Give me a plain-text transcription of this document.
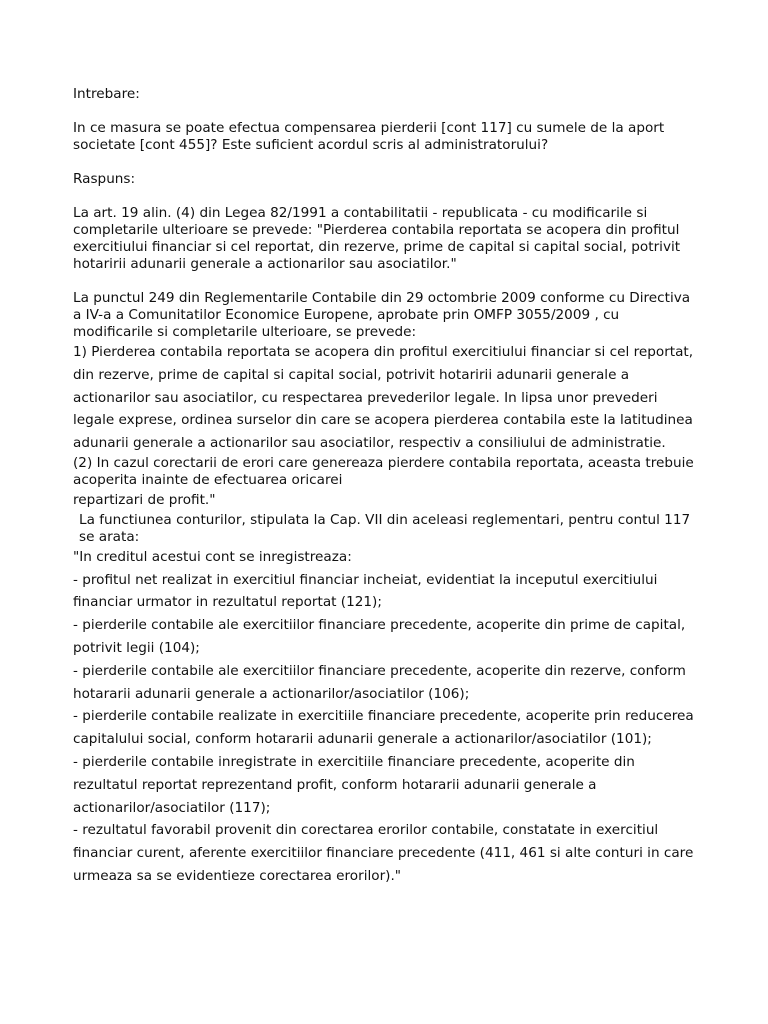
Intrebare:

In ce masura se poate efectua compensarea pierderii [cont 117] cu sumele de la aport societate [cont 455]? Este suficient acordul scris al administratorului?

Raspuns:

La art. 19 alin. (4) din Legea 82/1991 a contabilitatii - republicata - cu modificarile si completarile ulterioare se prevede: "Pierderea contabila reportata se acopera din profitul exercitiului financiar si cel reportat, din rezerve, prime de capital si capital social, potrivit hotaririi adunarii generale a actionarilor sau asociatilor."

La punctul 249 din Reglementarile Contabile din 29 octombrie 2009 conforme cu Directiva a IV-a a Comunitatilor Economice Europene, aprobate prin OMFP 3055/2009 , cu modificarile si completarile ulterioare, se prevede:

1) Pierderea contabila reportata se acopera din profitul exercitiului financiar si cel reportat, din rezerve, prime de capital si capital social, potrivit hotaririi adunarii generale a actionarilor sau asociatilor, cu respectarea prevederilor legale. In lipsa unor prevederi legale exprese, ordinea surselor din care se acopera pierderea contabila este la latitudinea adunarii generale a actionarilor sau asociatilor, respectiv a consiliului de administratie.

(2) In cazul corectarii de erori care genereaza pierdere contabila reportata, aceasta trebuie acoperita inainte de efectuarea oricarei

repartizari de profit."

La functiunea conturilor, stipulata la Cap. VII din aceleasi reglementari, pentru contul 117 se arata:

"In creditul acestui cont se inregistreaza:

- profitul net realizat in exercitiul financiar incheiat, evidentiat la inceputul exercitiului financiar urmator in rezultatul reportat (121);

- pierderile contabile ale exercitiilor financiare precedente, acoperite din prime de capital, potrivit legii (104);

- pierderile contabile ale exercitiilor financiare precedente, acoperite din rezerve, conform hotararii adunarii generale a actionarilor/asociatilor (106);

- pierderile contabile realizate in exercitiile financiare precedente, acoperite prin reducerea capitalului social, conform hotararii adunarii generale a actionarilor/asociatilor (101);

- pierderile contabile inregistrate in exercitiile financiare precedente, acoperite din rezultatul reportat reprezentand profit, conform hotararii adunarii generale a actionarilor/asociatilor (117);

- rezultatul favorabil provenit din corectarea erorilor contabile, constatate in exercitiul financiar curent, aferente exercitiilor financiare precedente (411, 461 si alte conturi in care urmeaza sa se evidentieze corectarea erorilor)."
